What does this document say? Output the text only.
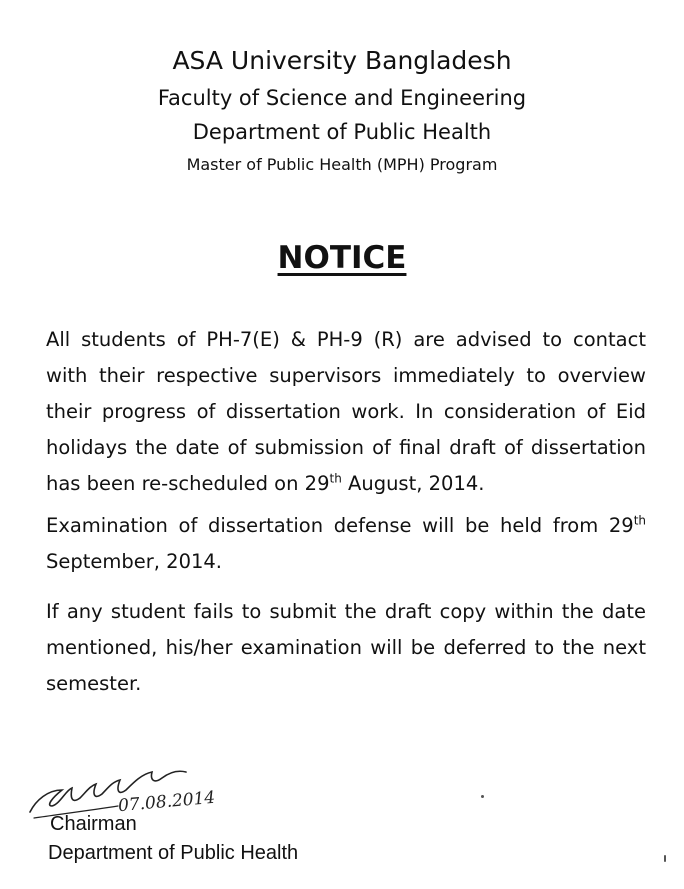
ASA University Bangladesh
Faculty of Science and Engineering
Department of Public Health
Master of Public Health (MPH) Program
NOTICE
All students of PH-7(E) & PH-9 (R) are advised to contact with their respective supervisors immediately to overview their progress of dissertation work. In consideration of Eid holidays the date of submission of final draft of dissertation has been re-scheduled on 29th August, 2014.
Examination of dissertation defense will be held from 29th September, 2014.
If any student fails to submit the draft copy within the date mentioned, his/her examination will be deferred to the next semester.
07.08.2014
Chairman
Department of Public Health
